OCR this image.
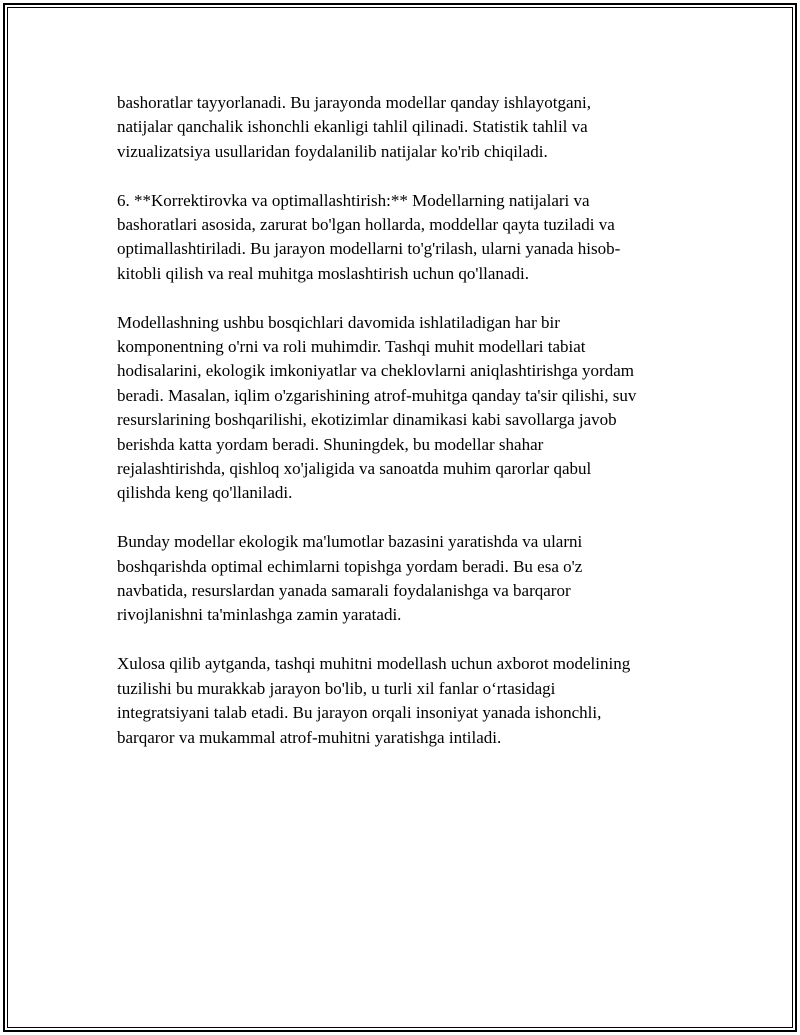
bashoratlar tayyorlanadi. Bu jarayonda modellar qanday ishlayotgani,
natijalar qanchalik ishonchli ekanligi tahlil qilinadi. Statistik tahlil va
vizualizatsiya usullaridan foydalanilib natijalar ko'rib chiqiladi.

6. **Korrektirovka va optimallashtirish:** Modellarning natijalari va
bashoratlari asosida, zarurat bo'lgan hollarda, moddellar qayta tuziladi va
optimallashtiriladi. Bu jarayon modellarni to'g'rilash, ularni yanada hisob-
kitobli qilish va real muhitga moslashtirish uchun qo'llanadi.

Modellashning ushbu bosqichlari davomida ishlatiladigan har bir
komponentning o'rni va roli muhimdir. Tashqi muhit modellari tabiat
hodisalarini, ekologik imkoniyatlar va cheklovlarni aniqlashtirishga yordam
beradi. Masalan, iqlim o'zgarishining atrof-muhitga qanday ta'sir qilishi, suv
resurslarining boshqarilishi, ekotizimlar dinamikasi kabi savollarga javob
berishda katta yordam beradi. Shuningdek, bu modellar shahar
rejalashtirishda, qishloq xo'jaligida va sanoatda muhim qarorlar qabul
qilishda keng qo'llaniladi.

Bunday modellar ekologik ma'lumotlar bazasini yaratishda va ularni
boshqarishda optimal echimlarni topishga yordam beradi. Bu esa o'z
navbatida, resurslardan yanada samarali foydalanishga va barqaror
rivojlanishni ta'minlashga zamin yaratadi.

Xulosa qilib aytganda, tashqi muhitni modellash uchun axborot modelining
tuzilishi bu murakkab jarayon bo'lib, u turli xil fanlar oʻrtasidagi
integratsiyani talab etadi. Bu jarayon orqali insoniyat yanada ishonchli,
barqaror va mukammal atrof-muhitni yaratishga intiladi.
